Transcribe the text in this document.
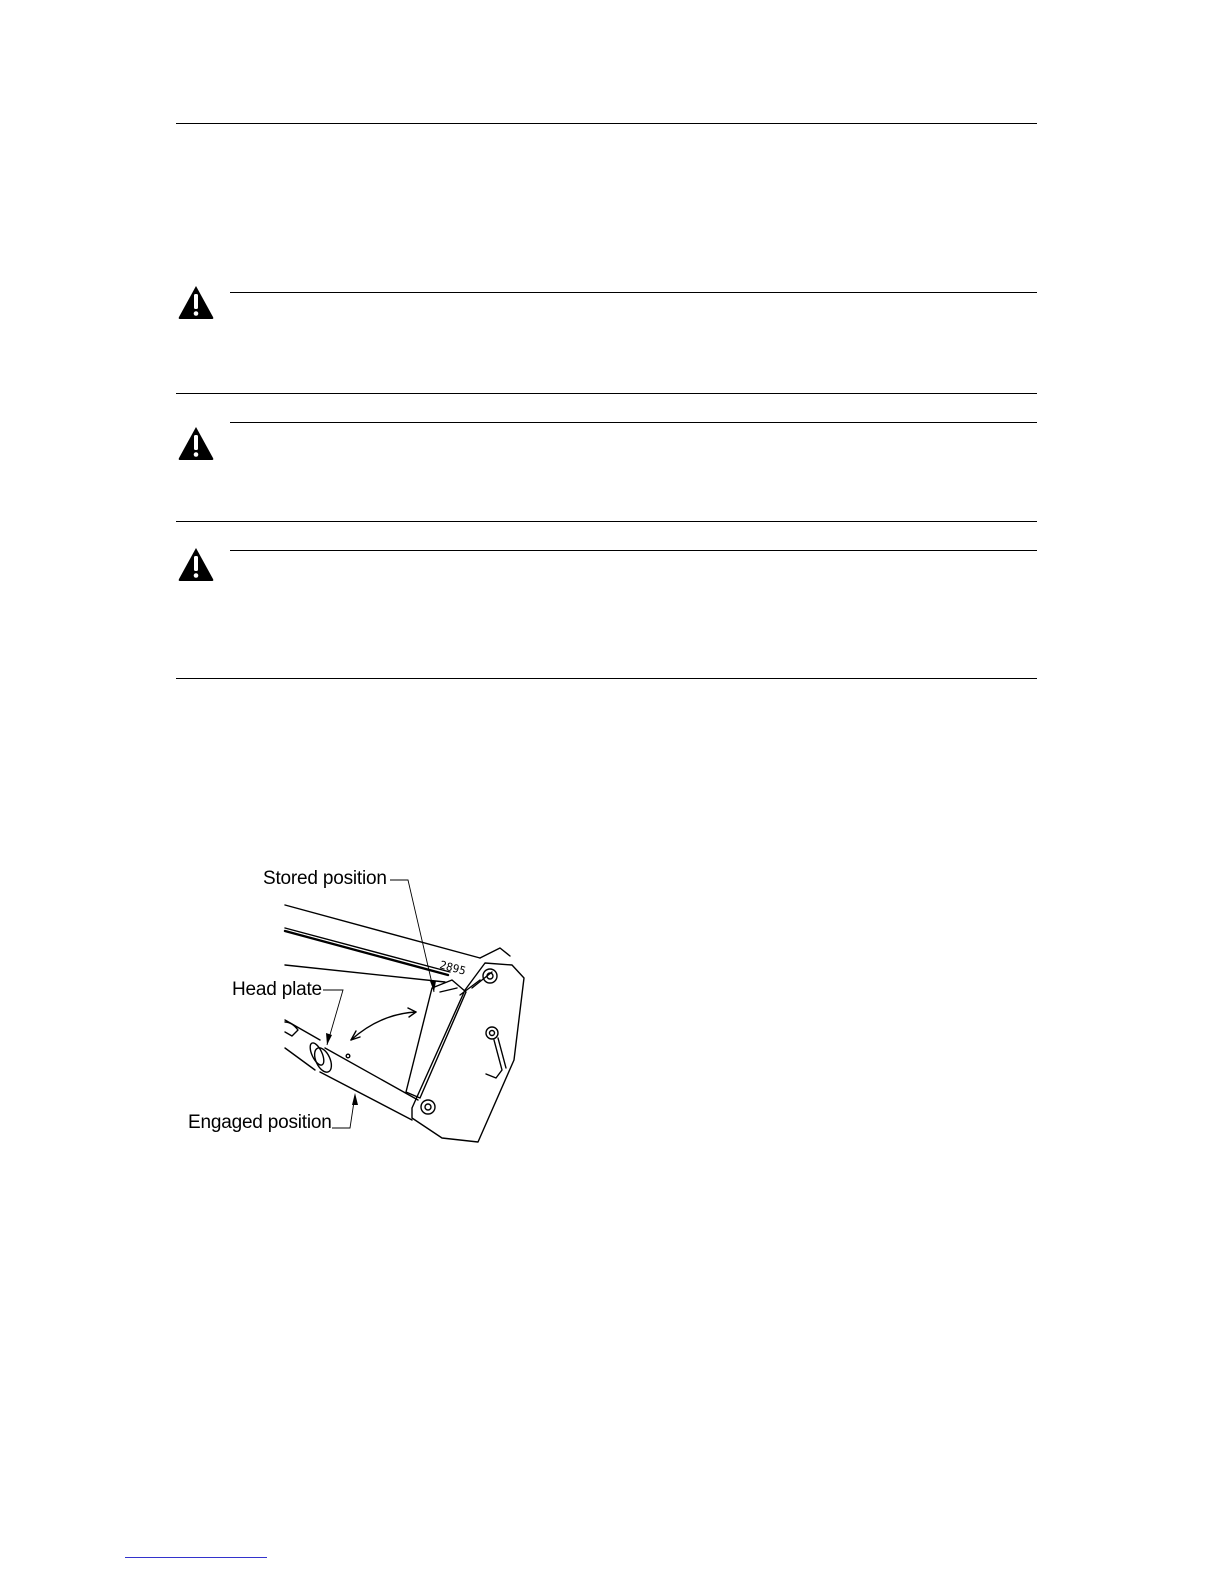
2895
Stored position
Head plate
Engaged position
